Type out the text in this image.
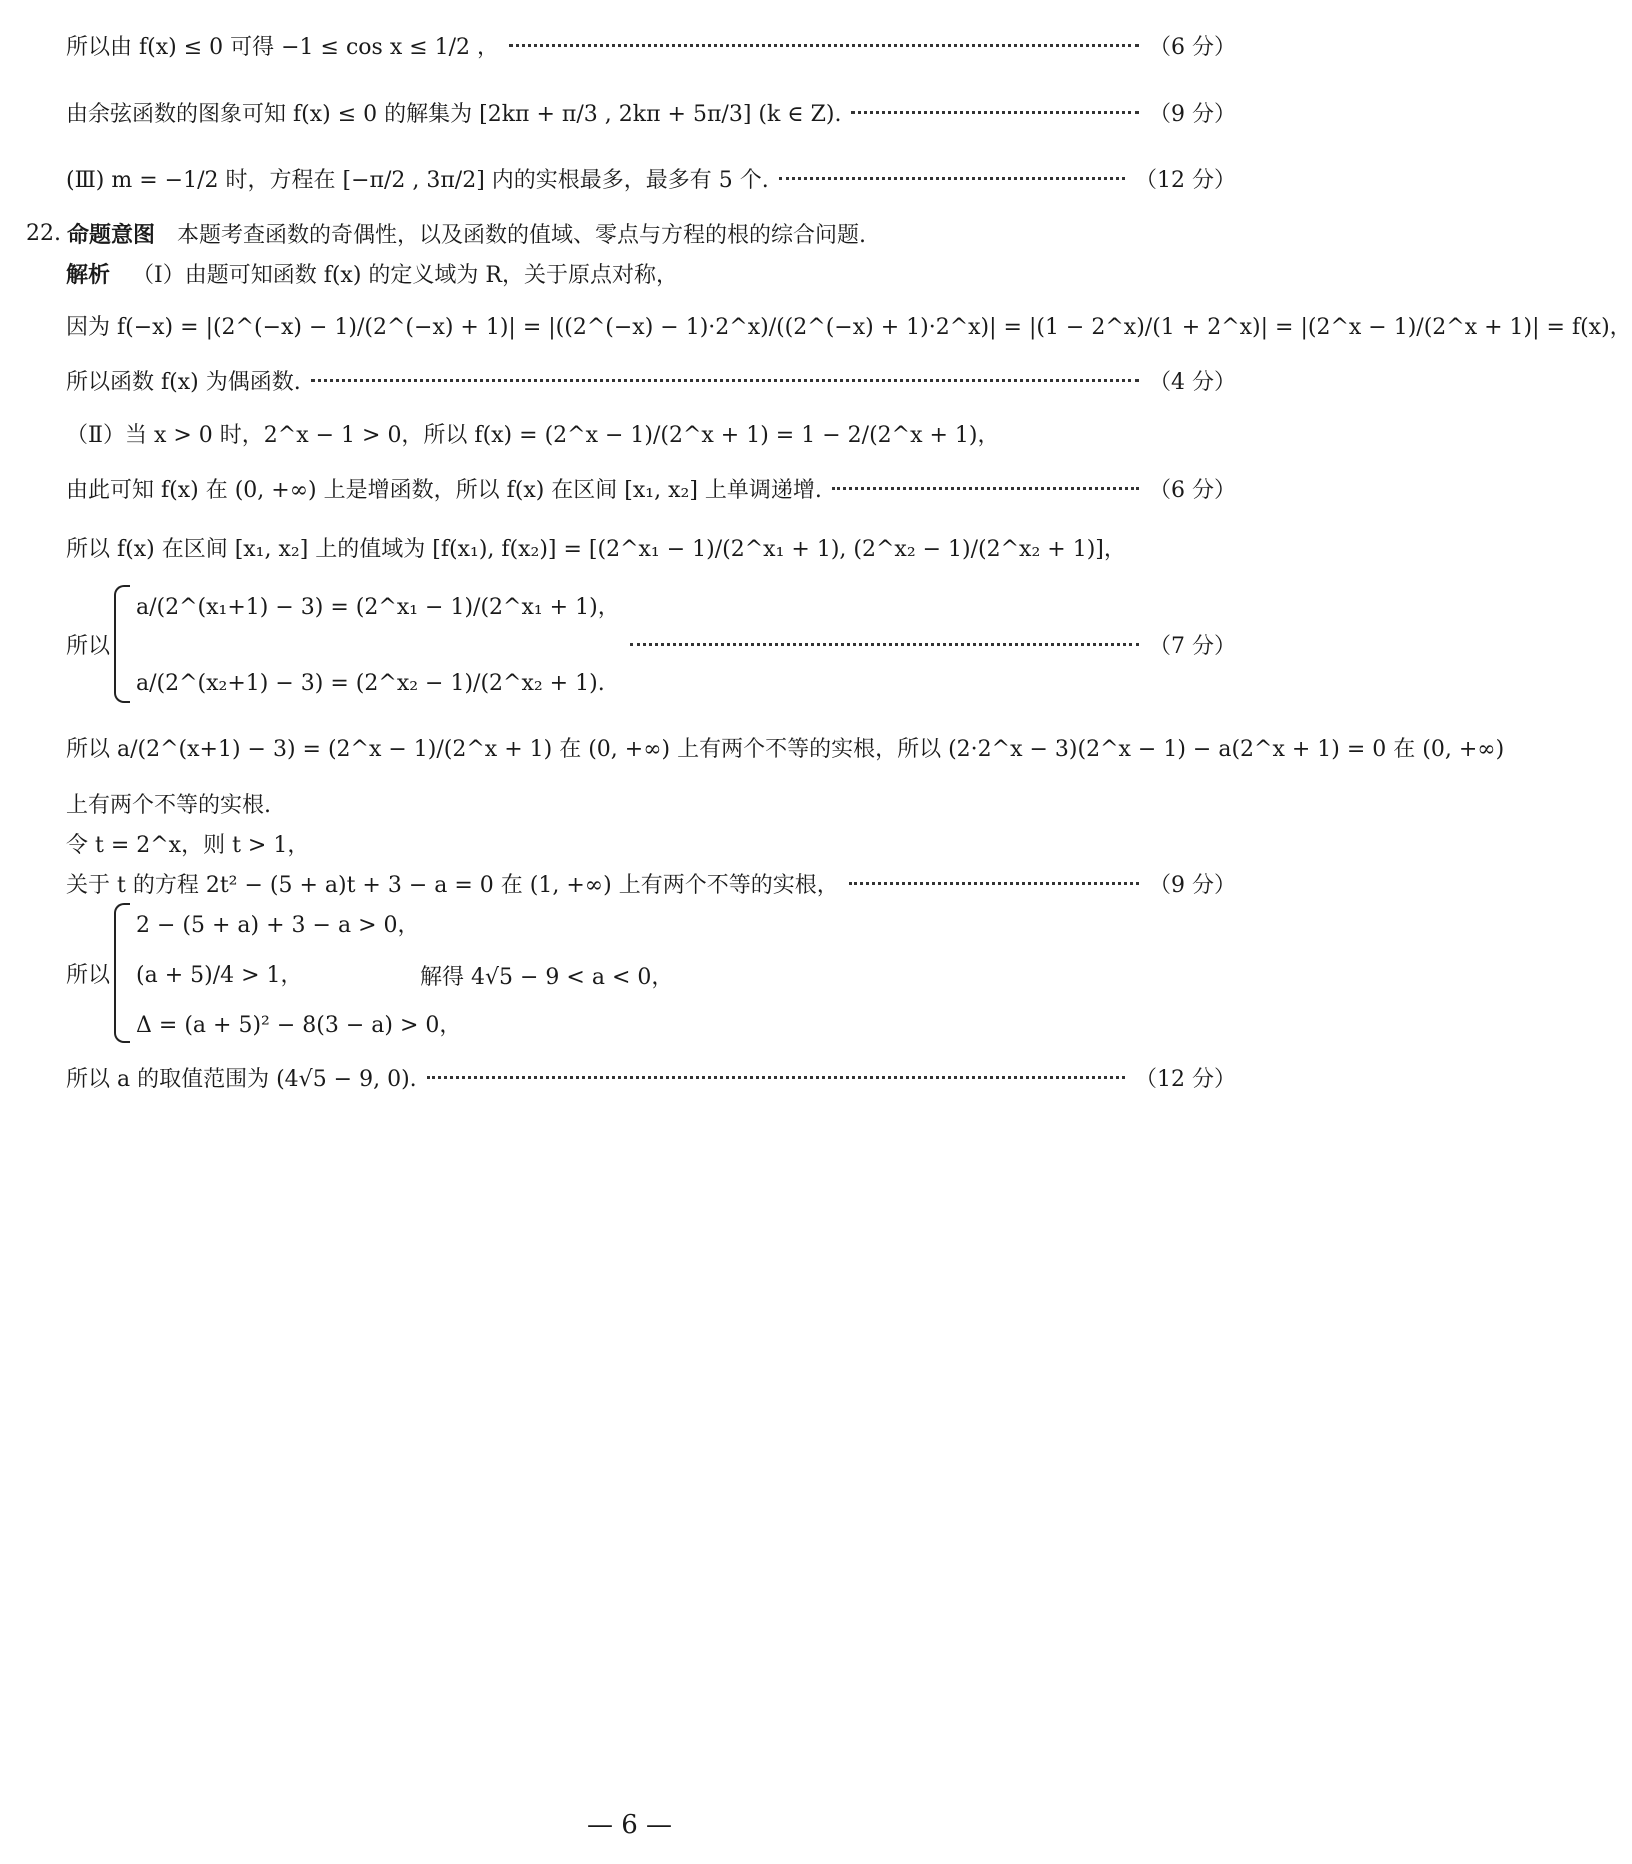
所以由 f(x) ≤ 0 可得 −1 ≤ cos x ≤ 1/2 ，	（6 分）
由余弦函数的图象可知 f(x) ≤ 0 的解集为 [2kπ + π/3 , 2kπ + 5π/3] (k ∈ Z).	（9 分）
(Ⅲ) m = −1/2 时，方程在 [−π/2 , 3π/2] 内的实根最多，最多有 5 个.	（12 分）
22. 命题意图 本题考查函数的奇偶性，以及函数的值域、零点与方程的根的综合问题.
解析 （Ⅰ）由题可知函数 f(x) 的定义域为 R，关于原点对称，
因为 f(−x) = |(2^(−x) − 1)/(2^(−x) + 1)| = |((2^(−x) − 1)·2^x)/((2^(−x) + 1)·2^x)| = |(1 − 2^x)/(1 + 2^x)| = |(2^x − 1)/(2^x + 1)| = f(x)，
所以函数 f(x) 为偶函数.	（4 分）
（Ⅱ）当 x > 0 时，2^x − 1 > 0，所以 f(x) = (2^x − 1)/(2^x + 1) = 1 − 2/(2^x + 1)，
由此可知 f(x) 在 (0, +∞) 上是增函数，所以 f(x) 在区间 [x₁, x₂] 上单调递增.	（6 分）
所以 f(x) 在区间 [x₁, x₂] 上的值域为 [f(x₁), f(x₂)] = [(2^x₁ − 1)/(2^x₁ + 1), (2^x₂ − 1)/(2^x₂ + 1)]，
所以
a/(2^(x₁+1) − 3) = (2^x₁ − 1)/(2^x₁ + 1)，
a/(2^(x₂+1) − 3) = (2^x₂ − 1)/(2^x₂ + 1).
（7 分）
所以 a/(2^(x+1) − 3) = (2^x − 1)/(2^x + 1) 在 (0, +∞) 上有两个不等的实根，所以 (2·2^x − 3)(2^x − 1) − a(2^x + 1) = 0 在 (0, +∞)
上有两个不等的实根.
令 t = 2^x，则 t > 1，
关于 t 的方程 2t² − (5 + a)t + 3 − a = 0 在 (1, +∞) 上有两个不等的实根，	（9 分）
所以
2 − (5 + a) + 3 − a > 0，
(a + 5)/4 > 1，
Δ = (a + 5)² − 8(3 − a) > 0，
解得 4√5 − 9 < a < 0，
所以 a 的取值范围为 (4√5 − 9, 0).	（12 分）
— 6 —
